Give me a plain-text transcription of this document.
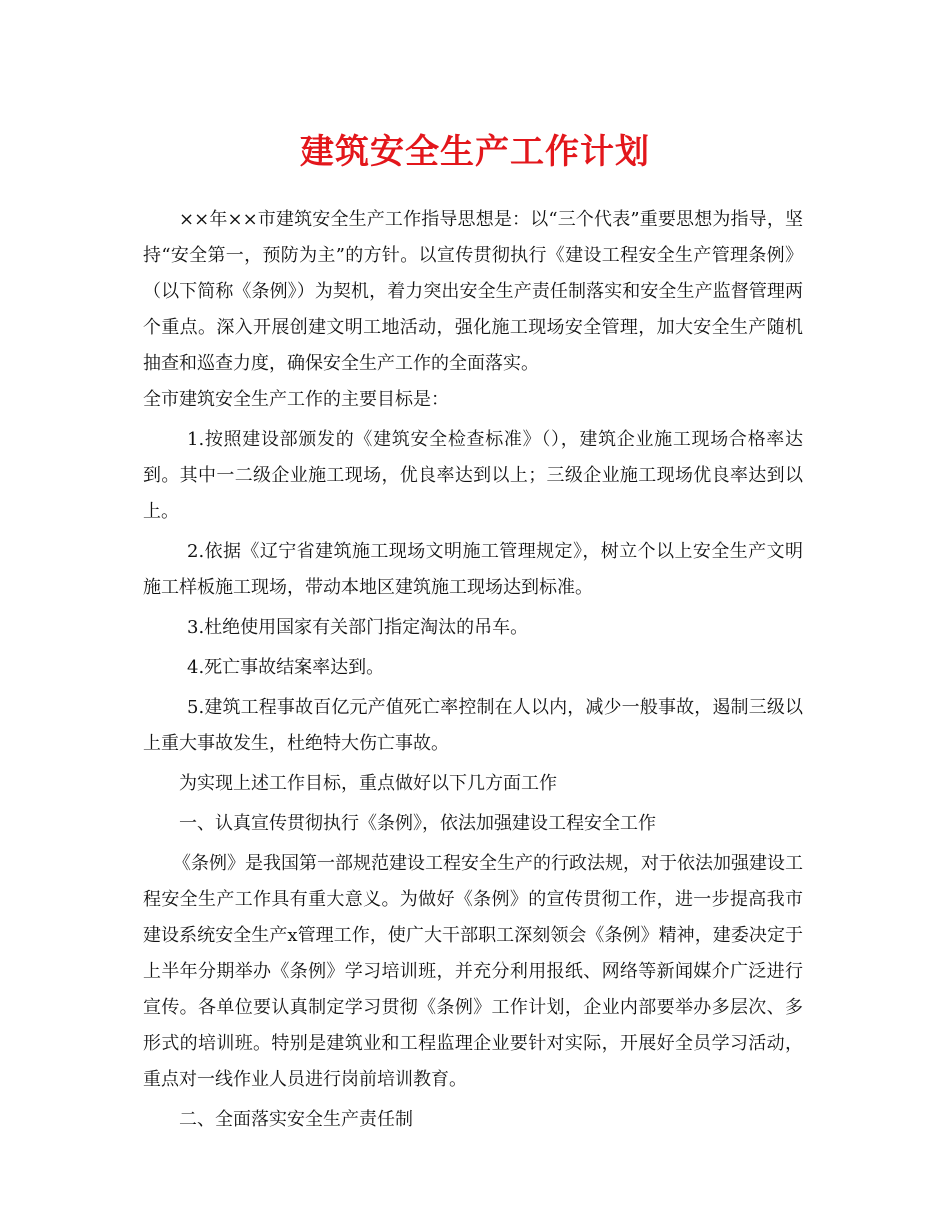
建筑安全生产工作计划

××年××市建筑安全生产工作指导思想是：以“三个代表”重要思想为指导，坚持“安全第一，预防为主”的方针。以宣传贯彻执行《建设工程安全生产管理条例》（以下简称《条例》）为契机，着力突出安全生产责任制落实和安全生产监督管理两个重点。深入开展创建文明工地活动，强化施工现场安全管理，加大安全生产随机抽查和巡查力度，确保安全生产工作的全面落实。

全市建筑安全生产工作的主要目标是：

1.按照建设部颁发的《建筑安全检查标准》（），建筑企业施工现场合格率达到。其中一二级企业施工现场，优良率达到以上；三级企业施工现场优良率达到以上。

2.依据《辽宁省建筑施工现场文明施工管理规定》，树立个以上安全生产文明施工样板施工现场，带动本地区建筑施工现场达到标准。

3.杜绝使用国家有关部门指定淘汰的吊车。

4.死亡事故结案率达到。

5.建筑工程事故百亿元产值死亡率控制在人以内，减少一般事故，遏制三级以上重大事故发生，杜绝特大伤亡事故。

为实现上述工作目标，重点做好以下几方面工作

一、认真宣传贯彻执行《条例》，依法加强建设工程安全工作

《条例》是我国第一部规范建设工程安全生产的行政法规，对于依法加强建设工程安全生产工作具有重大意义。为做好《条例》的宣传贯彻工作，进一步提高我市建设系统安全生产x管理工作，使广大干部职工深刻领会《条例》精神，建委决定于上半年分期举办《条例》学习培训班，并充分利用报纸、网络等新闻媒介广泛进行宣传。各单位要认真制定学习贯彻《条例》工作计划，企业内部要举办多层次、多形式的培训班。特别是建筑业和工程监理企业要针对实际，开展好全员学习活动，重点对一线作业人员进行岗前培训教育。

二、全面落实安全生产责任制
